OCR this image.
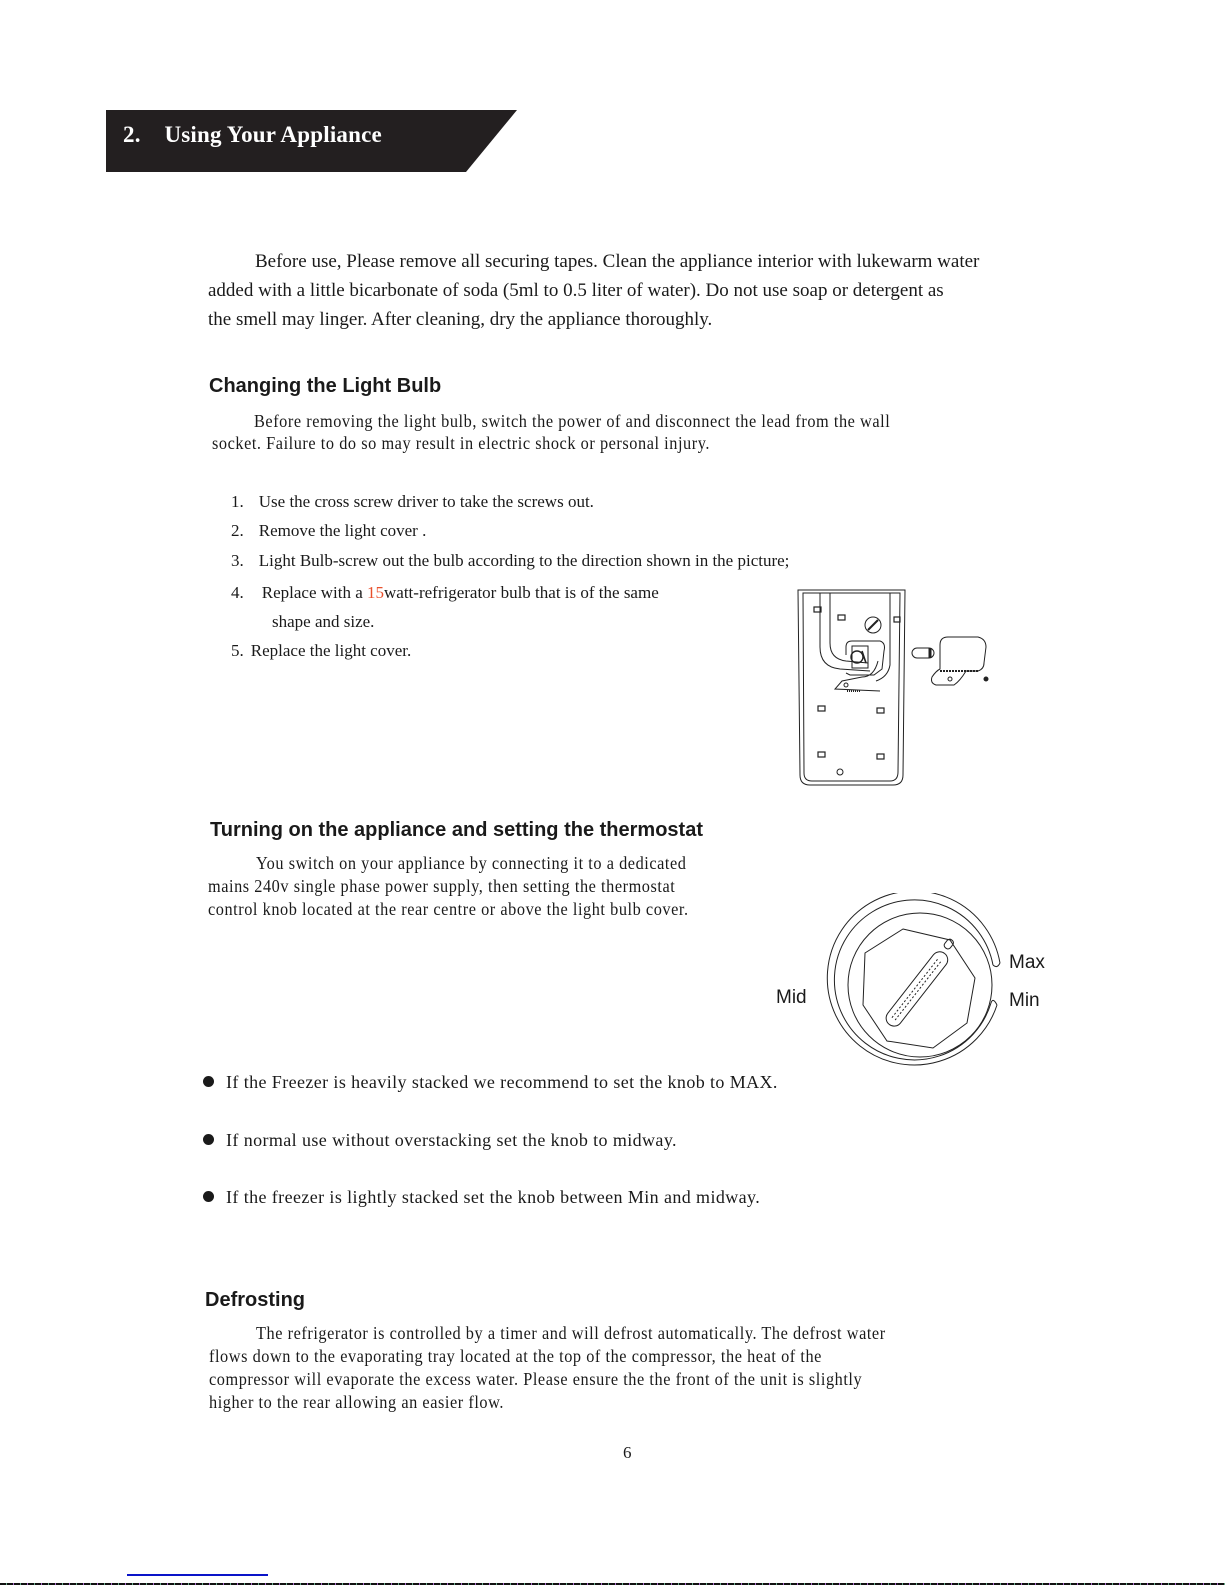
2. Using Your Appliance
Before use, Please remove all securing tapes. Clean the appliance interior with lukewarm water
added with a little bicarbonate of soda (5ml to 0.5 liter of water). Do not use soap or detergent as
the smell may linger. After cleaning, dry the appliance thoroughly.
Changing the Light Bulb
Before removing the light bulb, switch the power of and disconnect the lead from the wall
socket. Failure to do so may result in electric shock or personal injury.
1. Use the cross screw driver to take the screws out.
2. Remove the light cover .
3. Light Bulb-screw out the bulb according to the direction shown in the picture;
4. Replace with a 15watt-refrigerator bulb that is of the same
shape and size.
5. Replace the light cover.
Turning on the appliance and setting the thermostat
You switch on your appliance by connecting it to a dedicated
mains 240v single phase power supply, then setting the thermostat
control knob located at the rear centre or above the light bulb cover.
Mid
Max
Min
If the Freezer is heavily stacked we recommend to set the knob to MAX.
If normal use without overstacking set the knob to midway.
If the freezer is lightly stacked set the knob between Min and midway.
Defrosting
The refrigerator is controlled by a timer and will defrost automatically. The defrost water
flows down to the evaporating tray located at the top of the compressor, the heat of the
compressor will evaporate the excess water. Please ensure the the front of the unit is slightly
higher to the rear allowing an easier flow.
6
